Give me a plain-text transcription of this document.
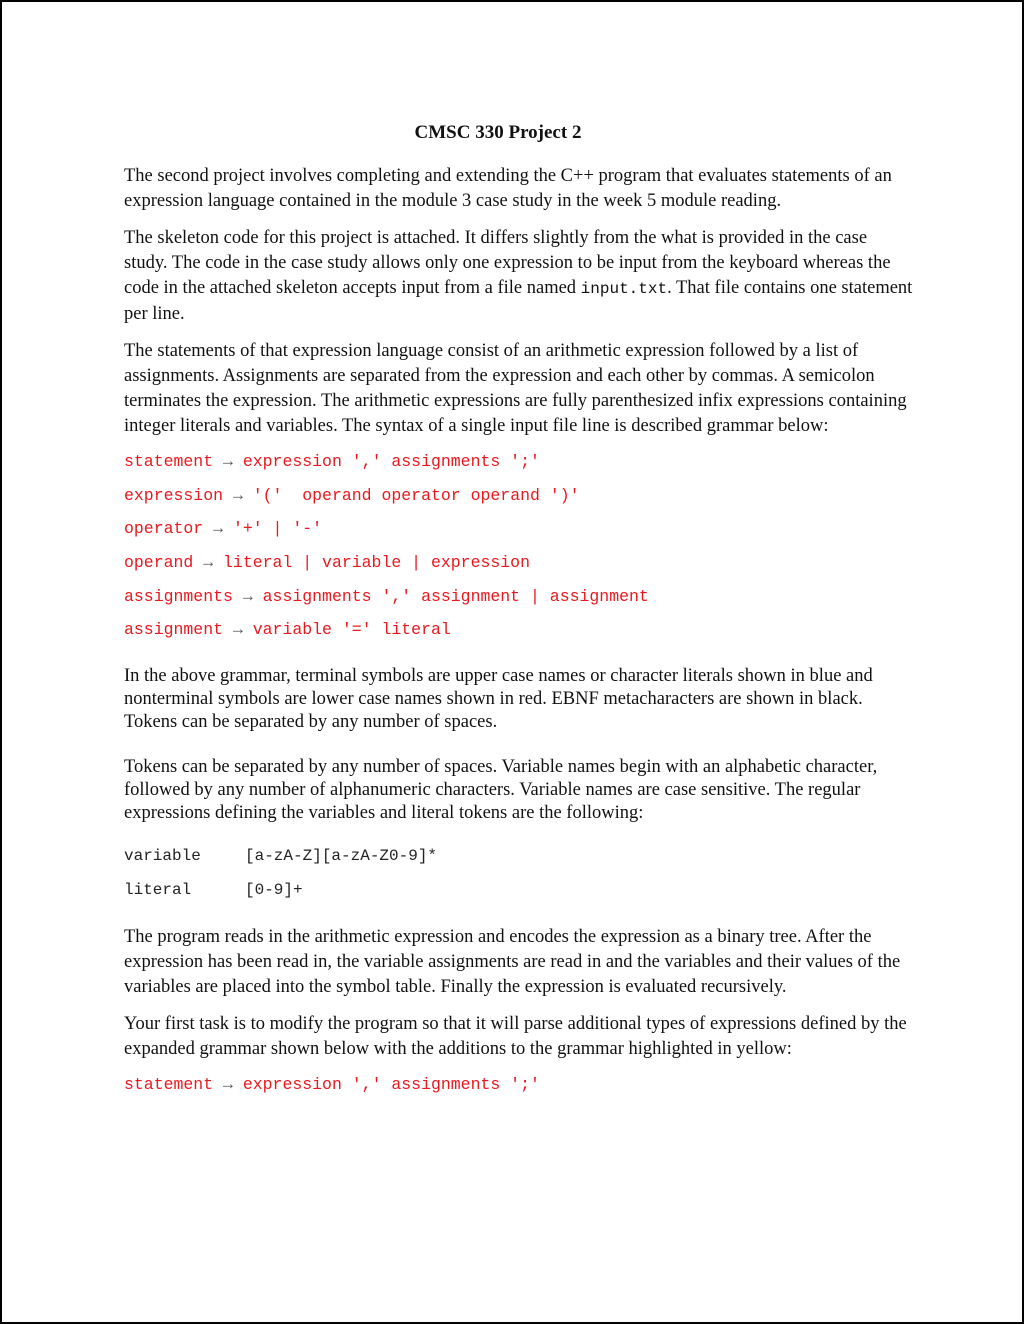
CMSC 330 Project 2

The second project involves completing and extending the C++ program that evaluates statements of an expression language contained in the module 3 case study in the week 5 module reading.

The skeleton code for this project is attached. It differs slightly from the what is provided in the case study. The code in the case study allows only one expression to be input from the keyboard whereas the code in the attached skeleton accepts input from a file named input.txt. That file contains one statement per line.

The statements of that expression language consist of an arithmetic expression followed by a list of assignments. Assignments are separated from the expression and each other by commas. A semicolon terminates the expression. The arithmetic expressions are fully parenthesized infix expressions containing integer literals and variables. The syntax of a single input file line is described grammar below:

statement → expression ',' assignments ';'
expression → '('  operand operator operand ')'
operator → '+' | '-'
operand → literal | variable | expression
assignments → assignments ',' assignment | assignment
assignment → variable '=' literal

In the above grammar, terminal symbols are upper case names or character literals shown in blue and nonterminal symbols are lower case names shown in red. EBNF metacharacters are shown in black. Tokens can be separated by any number of spaces.

Tokens can be separated by any number of spaces. Variable names begin with an alphabetic character, followed by any number of alphanumeric characters. Variable names are case sensitive. The regular expressions defining the variables and literal tokens are the following:

variable	[a-zA-Z][a-zA-Z0-9]*
literal	[0-9]+

The program reads in the arithmetic expression and encodes the expression as a binary tree. After the expression has been read in, the variable assignments are read in and the variables and their values of the variables are placed into the symbol table. Finally the expression is evaluated recursively.

Your first task is to modify the program so that it will parse additional types of expressions defined by the expanded grammar shown below with the additions to the grammar highlighted in yellow:

statement → expression ',' assignments ';'
